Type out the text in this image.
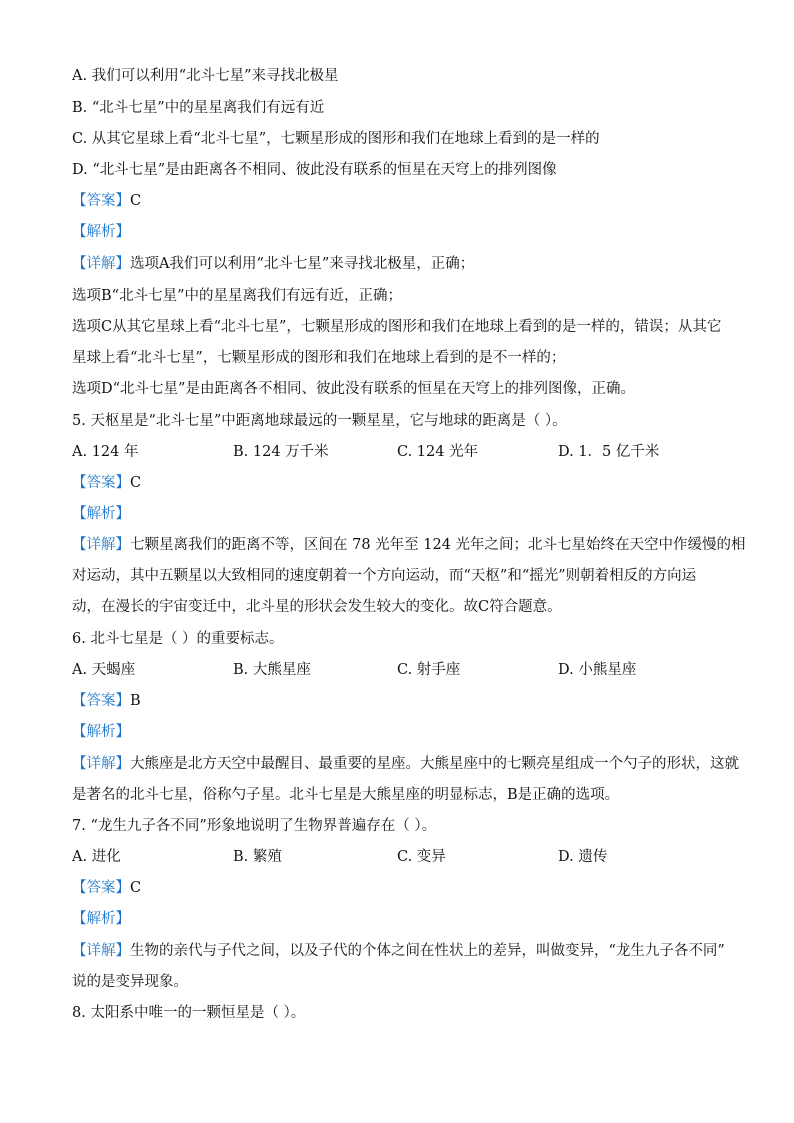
A. 我们可以利用“北斗七星”来寻找北极星
B. “北斗七星”中的星星离我们有远有近
C. 从其它星球上看“北斗七星”，七颗星形成的图形和我们在地球上看到的是一样的
D. “北斗七星”是由距离各不相同、彼此没有联系的恒星在天穹上的排列图像
【答案】C
【解析】
【详解】选项A我们可以利用“北斗七星”来寻找北极星，正确；
选项B“北斗七星”中的星星离我们有远有近，正确；
选项C从其它星球上看“北斗七星”，七颗星形成的图形和我们在地球上看到的是一样的，错误；从其它
星球上看“北斗七星”，七颗星形成的图形和我们在地球上看到的是不一样的；
选项D“北斗七星”是由距离各不相同、彼此没有联系的恒星在天穹上的排列图像，正确。
5. 天枢星是“北斗七星”中距离地球最远的一颗星星，它与地球的距离是（ ）。
A. 124 年	B. 124 万千米	C. 124 光年	D. 1．5 亿千米
【答案】C
【解析】
【详解】七颗星离我们的距离不等，区间在 78 光年至 124 光年之间；北斗七星始终在天空中作缓慢的相
对运动，其中五颗星以大致相同的速度朝着一个方向运动，而“天枢”和“摇光”则朝着相反的方向运
动，在漫长的宇宙变迁中，北斗星的形状会发生较大的变化。故C符合题意。
6. 北斗七星是（ ）的重要标志。
A. 天蝎座	B. 大熊星座	C. 射手座	D. 小熊星座
【答案】B
【解析】
【详解】大熊座是北方天空中最醒目、最重要的星座。大熊星座中的七颗亮星组成一个勺子的形状，这就
是著名的北斗七星，俗称勺子星。北斗七星是大熊星座的明显标志，B是正确的选项。
7. “龙生九子各不同”形象地说明了生物界普遍存在（ ）。
A. 进化	B. 繁殖	C. 变异	D. 遗传
【答案】C
【解析】
【详解】生物的亲代与子代之间，以及子代的个体之间在性状上的差异，叫做变异，“龙生九子各不同”
说的是变异现象。
8. 太阳系中唯一的一颗恒星是（ ）。
